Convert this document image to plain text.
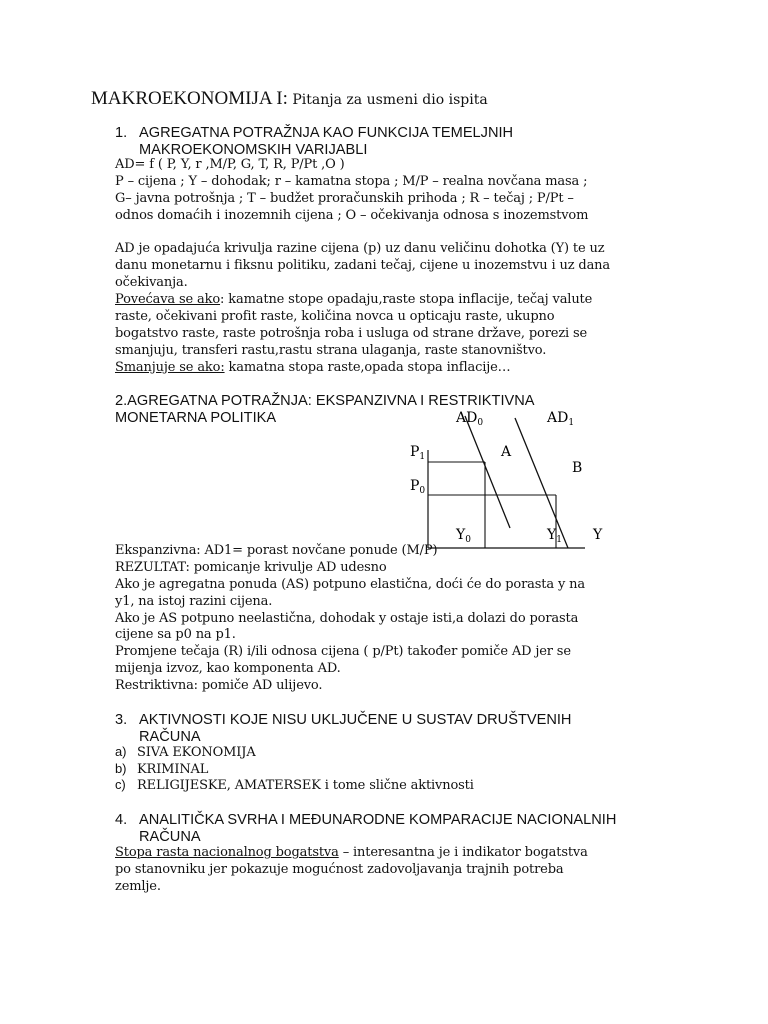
MAKROEKONOMIJA I: Pitanja za usmeni dio ispita
1. AGREGATNA POTRAŽNJA KAO FUNKCIJA TEMELJNIH
MAKROEKONOMSKIH VARIJABLI
AD= f ( P, Y, r ,M/P, G, T, R, P/Pt ,O )
P – cijena ; Y – dohodak; r – kamatna stopa ; M/P – realna novčana masa ;
G– javna potrošnja ; T – budžet proračunskih prihoda ; R – tečaj ; P/Pt –
odnos domaćih i inozemnih cijena ; O – očekivanja odnosa s inozemstvom
AD je opadajuća krivulja razine cijena (p) uz danu veličinu dohotka (Y) te uz
danu monetarnu i fiksnu politiku, zadani tečaj, cijene u inozemstvu i uz dana
očekivanja.
Povećava se ako: kamatne stope opadaju,raste stopa inflacije, tečaj valute
raste, očekivani profit raste, količina novca u opticaju raste, ukupno
bogatstvo raste, raste potrošnja roba i usluga od strane države, porezi se
smanjuju, transferi rastu,rastu strana ulaganja, raste stanovništvo.
Smanjuje se ako: kamatna stopa raste,opada stopa inflacije…
2.AGREGATNA POTRAŽNJA: EKSPANZIVNA I RESTRIKTIVNA
MONETARNA POLITIKA	$AD_0$	$AD_1$
$P_1$
$P_0$
A
B
$Y_0$	$Y_1$ Y
Ekspanzivna: AD1= porast novčane ponude (M/P)
REZULTAT: pomicanje krivulje AD udesno
Ako je agregatna ponuda (AS) potpuno elastična, doći će do porasta y na
y1, na istoj razini cijena.
Ako je AS potpuno neelastična, dohodak y ostaje isti,a dolazi do porasta
cijene sa p0 na p1.
Promjene tečaja (R) i/ili odnosa cijena ( p/Pt) također pomiče AD jer se
mijenja izvoz, kao komponenta AD.
Restriktivna: pomiče AD ulijevo.
3. AKTIVNOSTI KOJE NISU UKLJUČENE U SUSTAV DRUŠTVENIH
RAČUNA
a) SIVA EKONOMIJA
b) KRIMINAL
c) RELIGIJESKE, AMATERSEK i tome slične aktivnosti
4. ANALITIČKA SVRHA I MEĐUNARODNE KOMPARACIJE NACIONALNIH
RAČUNA
Stopa rasta nacionalnog bogatstva – interesantna je i indikator bogatstva
po stanovniku jer pokazuje mogućnost zadovoljavanja trajnih potreba
zemlje.
